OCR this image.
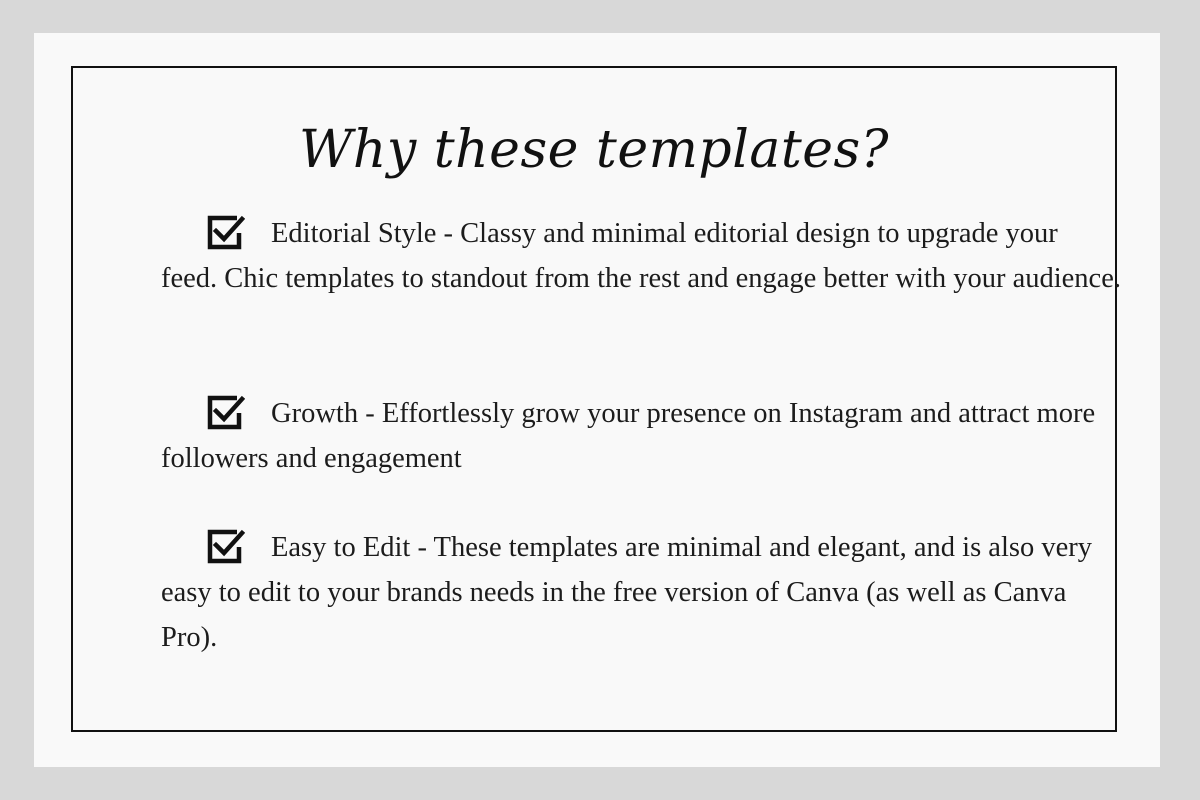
Why these templates?
Editorial Style - Classy and minimal editorial design to upgrade your feed. Chic templates to standout from the rest and engage better with your audience.
Growth - Effortlessly grow your presence on Instagram and attract more followers and engagement
Easy to Edit - These templates are minimal and elegant, and is also very easy to edit to your brands needs in the free version of Canva (as well as Canva Pro).
